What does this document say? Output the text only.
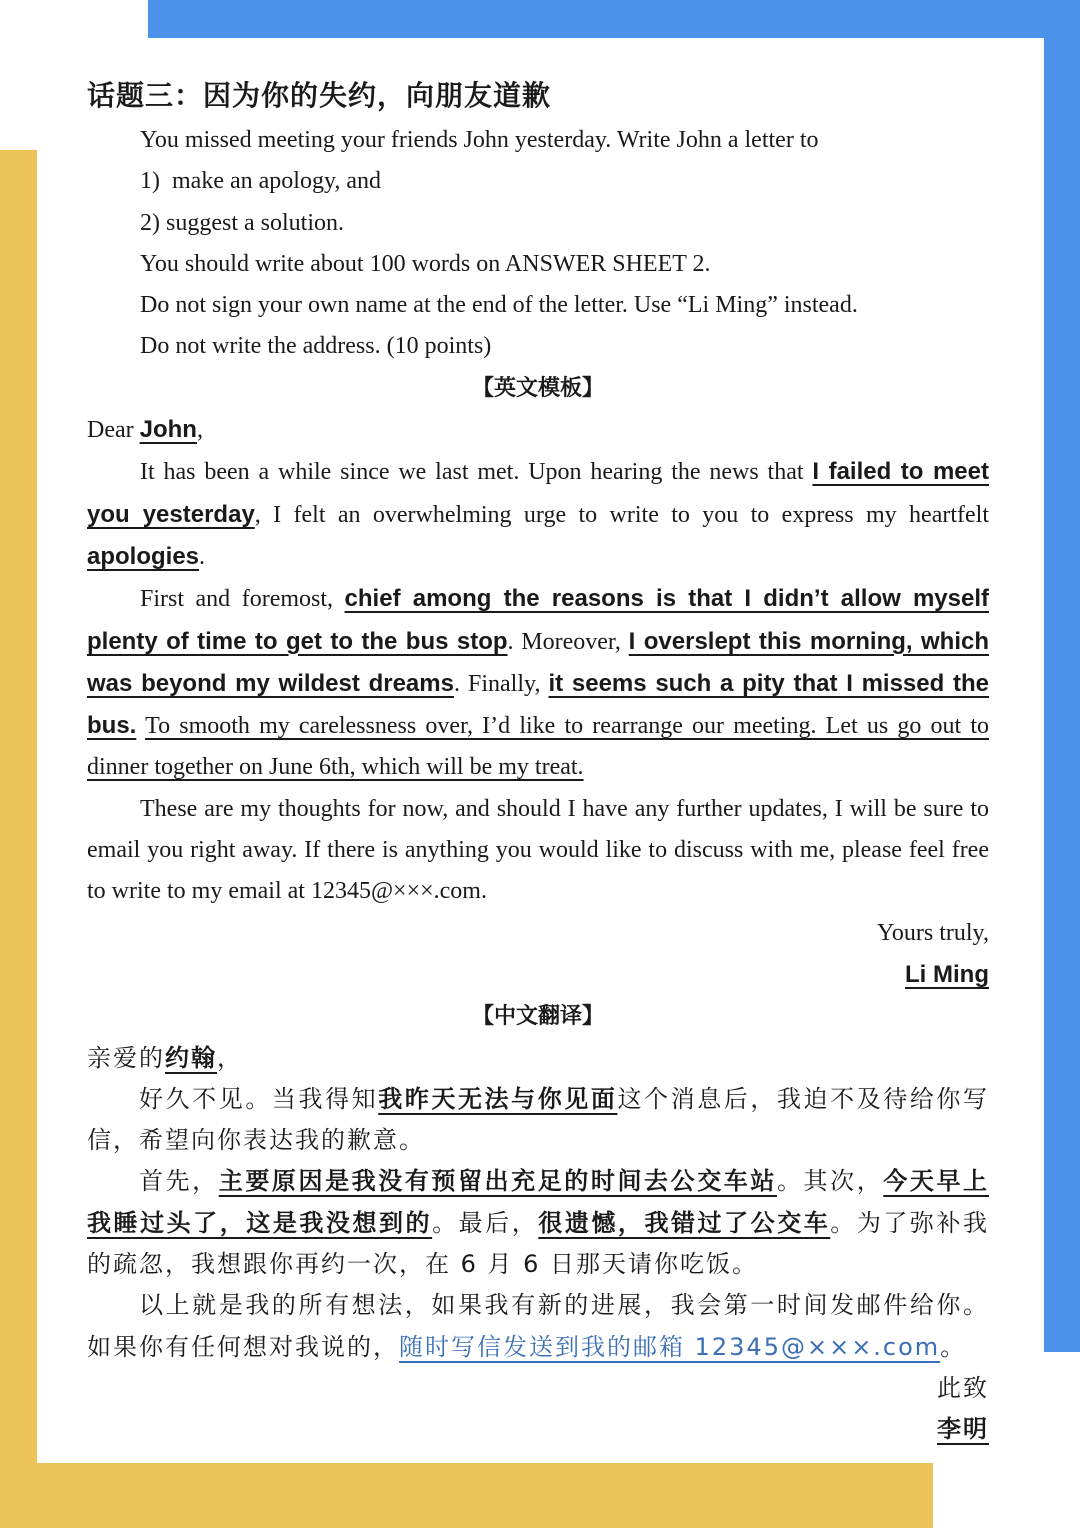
话题三：因为你的失约，向朋友道歉

You missed meeting your friends John yesterday. Write John a letter to

1)  make an apology, and

2) suggest a solution.

You should write about 100 words on ANSWER SHEET 2.

Do not sign your own name at the end of the letter. Use “Li Ming” instead.

Do not write the address. (10 points)

【英文模板】

Dear John,

It has been a while since we last met. Upon hearing the news that I failed to meet you yesterday, I felt an overwhelming urge to write to you to express my heartfelt apologies.

First and foremost, chief among the reasons is that I didn’t allow myself plenty of time to get to the bus stop. Moreover, I overslept this morning, which was beyond my wildest dreams. Finally, it seems such a pity that I missed the bus. To smooth my carelessness over, I’d like to rearrange our meeting. Let us go out to dinner together on June 6th, which will be my treat.

These are my thoughts for now, and should I have any further updates, I will be sure to email you right away. If there is anything you would like to discuss with me, please feel free to write to my email at 12345@×××.com.

Yours truly,

Li Ming

【中文翻译】

亲爱的约翰，

好久不见。当我得知我昨天无法与你见面这个消息后，我迫不及待给你写信，希望向你表达我的歉意。

首先，主要原因是我没有预留出充足的时间去公交车站。其次，今天早上我睡过头了，这是我没想到的。最后，很遗憾，我错过了公交车。为了弥补我的疏忽，我想跟你再约一次，在 6 月 6 日那天请你吃饭。

以上就是我的所有想法，如果我有新的进展，我会第一时间发邮件给你。如果你有任何想对我说的，随时写信发送到我的邮箱 12345@×××.com。

此致

李明
